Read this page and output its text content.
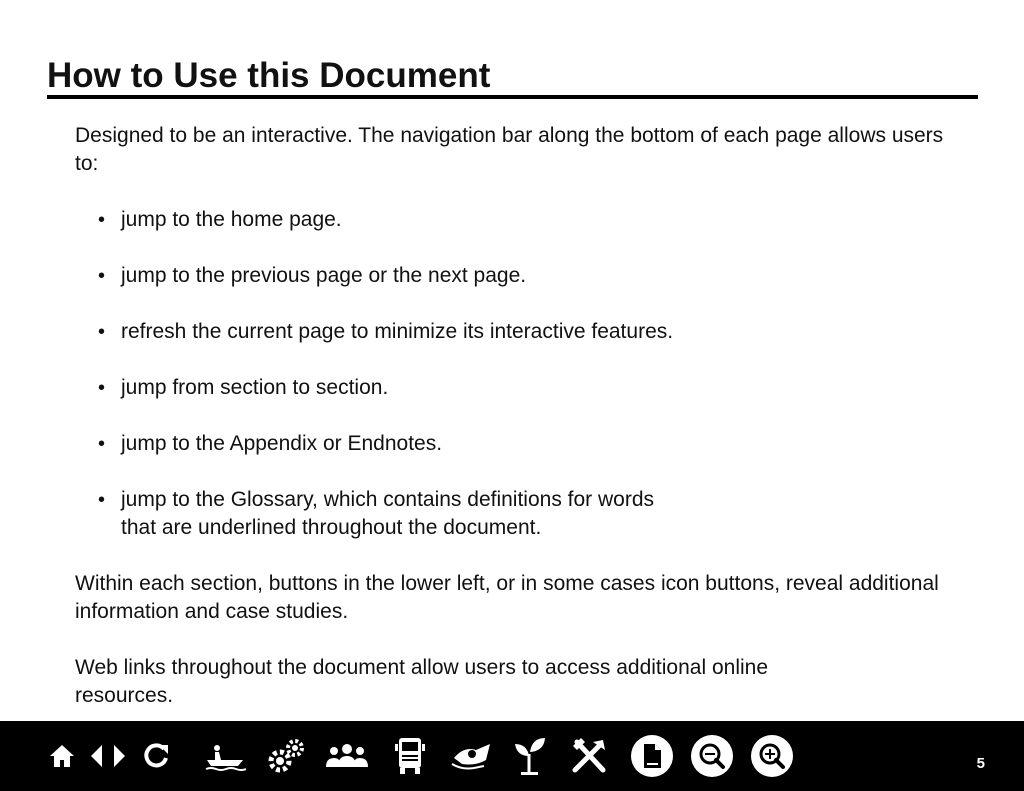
How to Use this Document

Designed to be an interactive. The navigation bar along the bottom of each page allows users to:

• jump to the home page.
• jump to the previous page or the next page.
• refresh the current page to minimize its interactive features.
• jump from section to section.
• jump to the Appendix or Endnotes.
• jump to the Glossary, which contains definitions for words that are underlined throughout the document.

Within each section, buttons in the lower left, or in some cases icon buttons, reveal additional information and case studies.

Web links throughout the document allow users to access additional online resources.

5
